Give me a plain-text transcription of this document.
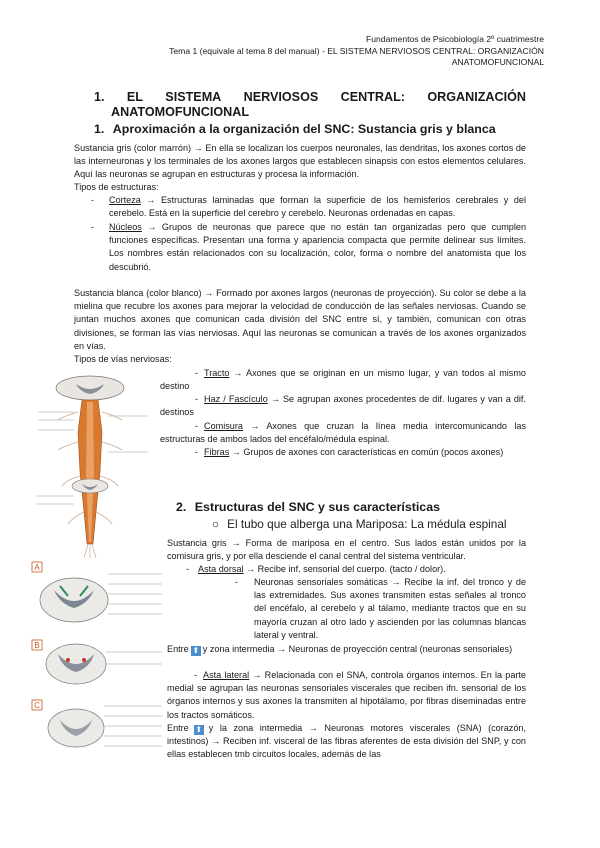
Fundamentos de Psicobiología 2º cuatrimestre
Tema 1 (equivale al tema 8 del manual) - EL SISTEMA NERVIOSOS CENTRAL: ORGANIZACIÓN
ANATOMOFUNCIONAL
1. EL SISTEMA NERVIOSOS CENTRAL: ORGANIZACIÓN
ANATOMOFUNCIONAL
1. Aproximación a la organización del SNC: Sustancia gris y blanca
Sustancia gris (color marrón) → En ella se localizan los cuerpos neuronales, las dendritas, los axones cortos de las interneuronas y los terminales de los axones largos que establecen sinapsis con estos elementos celulares. Aquí las neuronas se agrupan en estructuras y procesa la información.
Tipos de estructuras:
- Corteza → Estructuras laminadas que forman la superficie de los hemisferios cerebrales y del cerebelo. Está en la superficie del cerebro y cerebelo. Neuronas ordenadas en capas.
- Núcleos → Grupos de neuronas que parece que no están tan organizadas pero que cumplen funciones específicas. Presentan una forma y apariencia compacta que permite delinear sus límites. Los nombres están relacionados con su localización, color, forma o nombre del anatomista que los descubrió.
Sustancia blanca (color blanco) → Formado por axones largos (neuronas de proyección). Su color se debe a la mielina que recubre los axones para mejorar la velocidad de conducción de las señales nerviosas. Cuando se juntan muchos axones que comunican cada división del SNC entre sí, y también, comunican con otras divisiones, se forman las vías nerviosas. Aquí las neuronas se comunican a través de los axones organizados en vías.
Tipos de vías nerviosas:
- Tracto → Axones que se originan en un mismo lugar, y van todos al mismo destino
- Haz / Fascículo → Se agrupan axones procedentes de dif. lugares y van a dif. destinos
- Comisura → Axones que cruzan la línea media intercomunicando las estructuras de ambos lados del encéfalo/médula espinal.
- Fibras → Grupos de axones con características en común (pocos axones)
2. Estructuras del SNC y sus características
○ El tubo que alberga una Mariposa: La médula espinal
Sustancia gris → Forma de mariposa en el centro. Sus lados están unidos por la comisura gris, y por ella desciende el canal central del sistema ventricular.
- Asta dorsal → Recibe inf. sensorial del cuerpo. (tacto / dolor).
- Neuronas sensoriales somáticas → Recibe la inf. del tronco y de las extremidades. Sus axones transmiten estas señales al tronco del encéfalo, al cerebelo y al tálamo, mediante tractos que en su mayoría cruzan al otro lado y ascienden por las columnas blancas lateral y ventral.
Entre ⬆ y zona intermedia → Neuronas de proyección central (neuronas sensoriales)
- Asta lateral → Relacionada con el SNA, controla órganos internos. En la parte medial se agrupan las neuronas sensoriales viscerales que reciben ifn. sensorial de los órganos internos y sus axones la transmiten al hipotálamo, por fibras diseminadas entre los tractos somáticos.
Entre ⬆ y la zona intermedia → Neuronas motores viscerales (SNA) (corazón, intestinos) → Reciben inf. visceral de las fibras aferentes de esta división del SNP, y con ellas establecen tmb circuitos locales, además de las
A
B
C
